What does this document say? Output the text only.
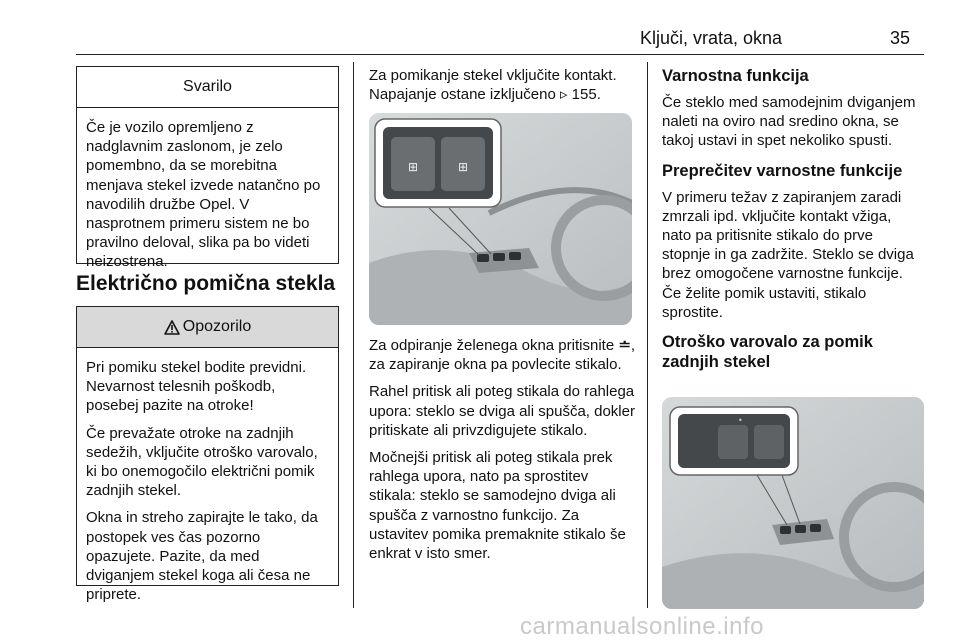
Ključi, vrata, okna	35
Svarilo

Če je vozilo opremljeno z nadglavnim zaslonom, je zelo pomembno, da se morebitna menjava stekel izvede natančno po navodilih družbe Opel. V nasprotnem primeru sistem ne bo pravilno deloval, slika pa bo videti neizostrena.

Električno pomična stekla
Opozorilo

Pri pomiku stekel bodite previdni. Nevarnost telesnih poškodb, posebej pazite na otroke!

Če prevažate otroke na zadnjih sedežih, vključite otroško varovalo, ki bo onemogočilo električni pomik zadnjih stekel.

Okna in streho zapirajte le tako, da postopek ves čas pozorno opazujete. Pazite, da med dviganjem stekel koga ali česa ne priprete.

Za pomikanje stekel vključite kontakt.
Napajanje ostane izključeno ▹ 155.
⊞	⊞

Za odpiranje želenega okna pritisnite ≐, za zapiranje okna pa povlecite stikalo.

Rahel pritisk ali poteg stikala do rahlega upora: steklo se dviga ali spušča, dokler pritiskate ali privzdigujete stikalo.

Močnejši pritisk ali poteg stikala prek rahlega upora, nato pa sprostitev stikala: steklo se samodejno dviga ali spušča z varnostno funkcijo. Za ustavitev pomika premaknite stikalo še enkrat v isto smer.

Varnostna funkcija

Če steklo med samodejnim dviganjem naleti na oviro nad sredino okna, se takoj ustavi in spet nekoliko spusti.

Preprečitev varnostne funkcije

V primeru težav z zapiranjem zaradi zmrzali ipd. vključite kontakt vžiga, nato pa pritisnite stikalo do prve stopnje in ga zadržite. Steklo se dviga brez omogočene varnostne funkcije. Če želite pomik ustaviti, stikalo sprostite.

Otroško varovalo za pomik zadnjih stekel
•
carmanualsonline.info
